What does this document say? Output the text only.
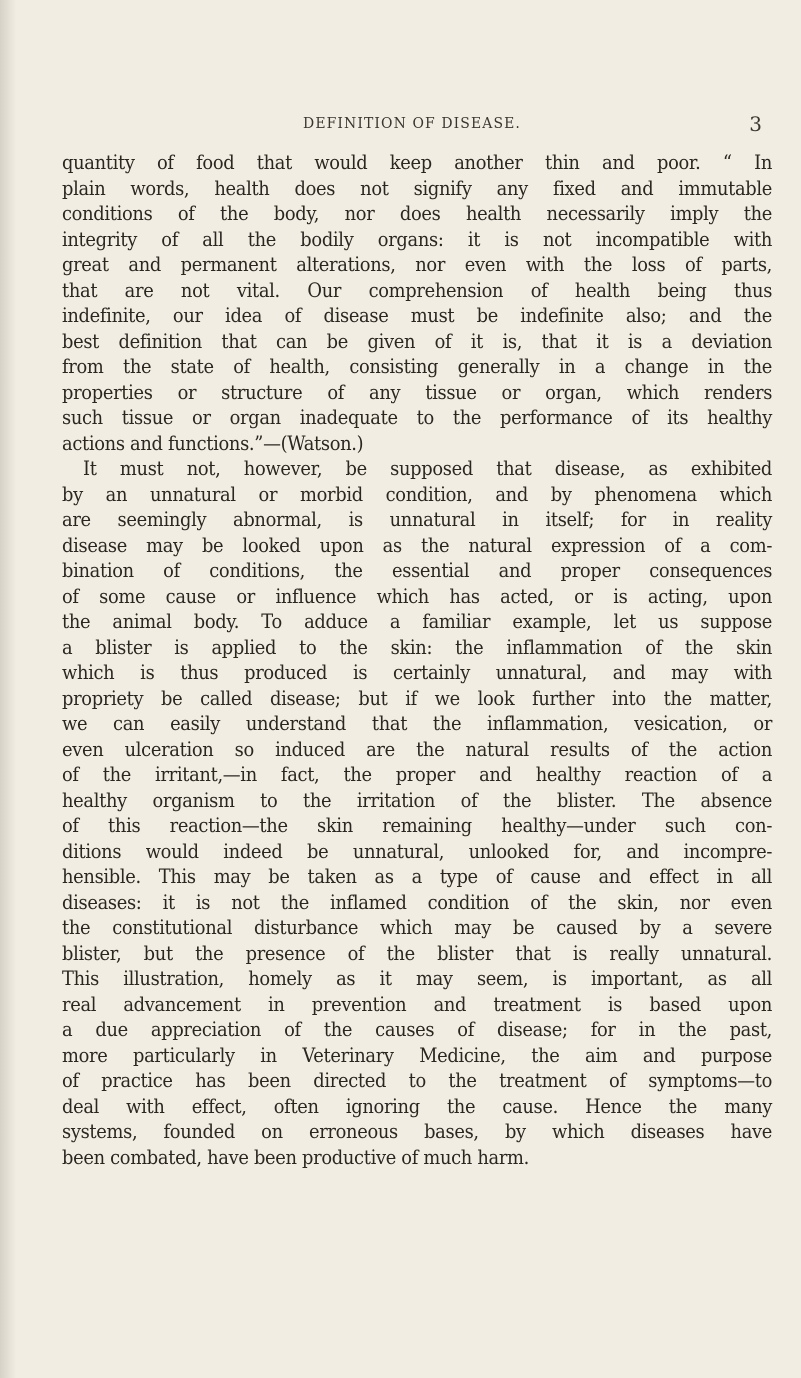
DEFINITION OF DISEASE.	3
quantity of food that would keep another thin and poor. “ In
plain words, health does not signify any fixed and immutable
conditions of the body, nor does health necessarily imply the
integrity of all the bodily organs: it is not incompatible with
great and permanent alterations, nor even with the loss of parts,
that are not vital. Our comprehension of health being thus
indefinite, our idea of disease must be indefinite also; and the
best definition that can be given of it is, that it is a deviation
from the state of health, consisting generally in a change in the
properties or structure of any tissue or organ, which renders
such tissue or organ inadequate to the performance of its healthy
actions and functions.”—(Watson.)
It must not, however, be supposed that disease, as exhibited
by an unnatural or morbid condition, and by phenomena which
are seemingly abnormal, is unnatural in itself; for in reality
disease may be looked upon as the natural expression of a com-
bination of conditions, the essential and proper consequences
of some cause or influence which has acted, or is acting, upon
the animal body. To adduce a familiar example, let us suppose
a blister is applied to the skin: the inflammation of the skin
which is thus produced is certainly unnatural, and may with
propriety be called disease; but if we look further into the matter,
we can easily understand that the inflammation, vesication, or
even ulceration so induced are the natural results of the action
of the irritant,—in fact, the proper and healthy reaction of a
healthy organism to the irritation of the blister. The absence
of this reaction—the skin remaining healthy—under such con-
ditions would indeed be unnatural, unlooked for, and incompre-
hensible. This may be taken as a type of cause and effect in all
diseases: it is not the inflamed condition of the skin, nor even
the constitutional disturbance which may be caused by a severe
blister, but the presence of the blister that is really unnatural.
This illustration, homely as it may seem, is important, as all
real advancement in prevention and treatment is based upon
a due appreciation of the causes of disease; for in the past,
more particularly in Veterinary Medicine, the aim and purpose
of practice has been directed to the treatment of symptoms—to
deal with effect, often ignoring the cause. Hence the many
systems, founded on erroneous bases, by which diseases have
been combated, have been productive of much harm.
